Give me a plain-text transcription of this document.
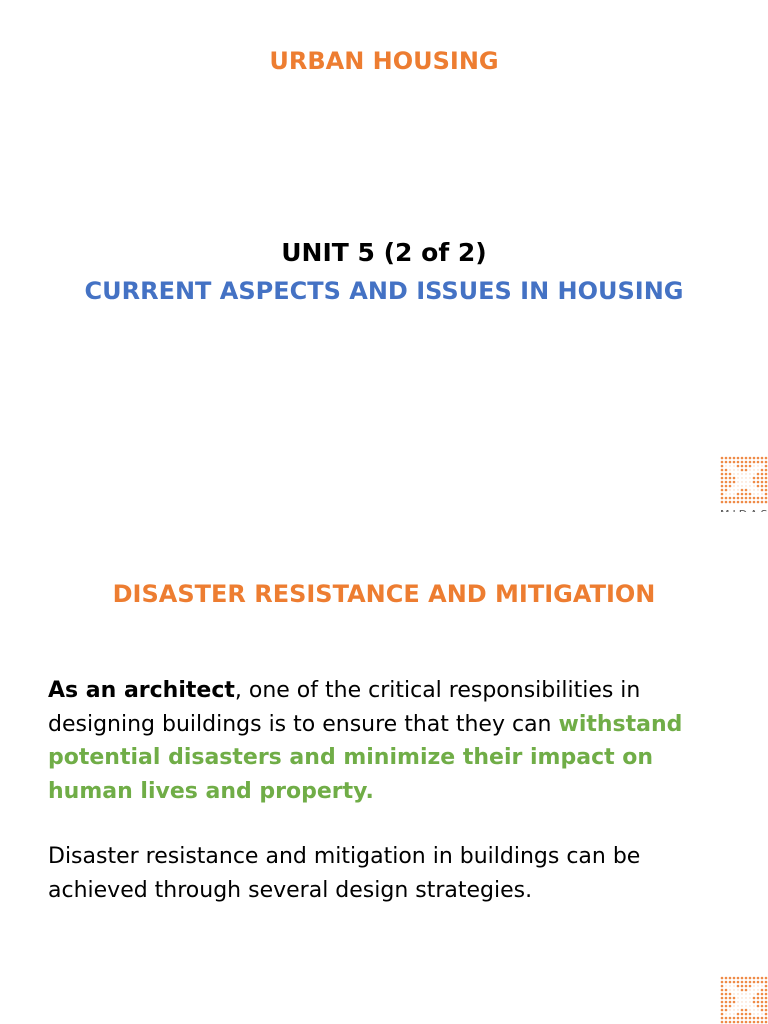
URBAN HOUSING
UNIT 5 (2 of 2)
CURRENT ASPECTS AND ISSUES IN HOUSING
DISASTER RESISTANCE AND MITIGATION

As an architect, one of the critical responsibilities in designing buildings is to ensure that they can withstand potential disasters and minimize their impact on human lives and property.

Disaster resistance and mitigation in buildings can be achieved through several design strategies.
